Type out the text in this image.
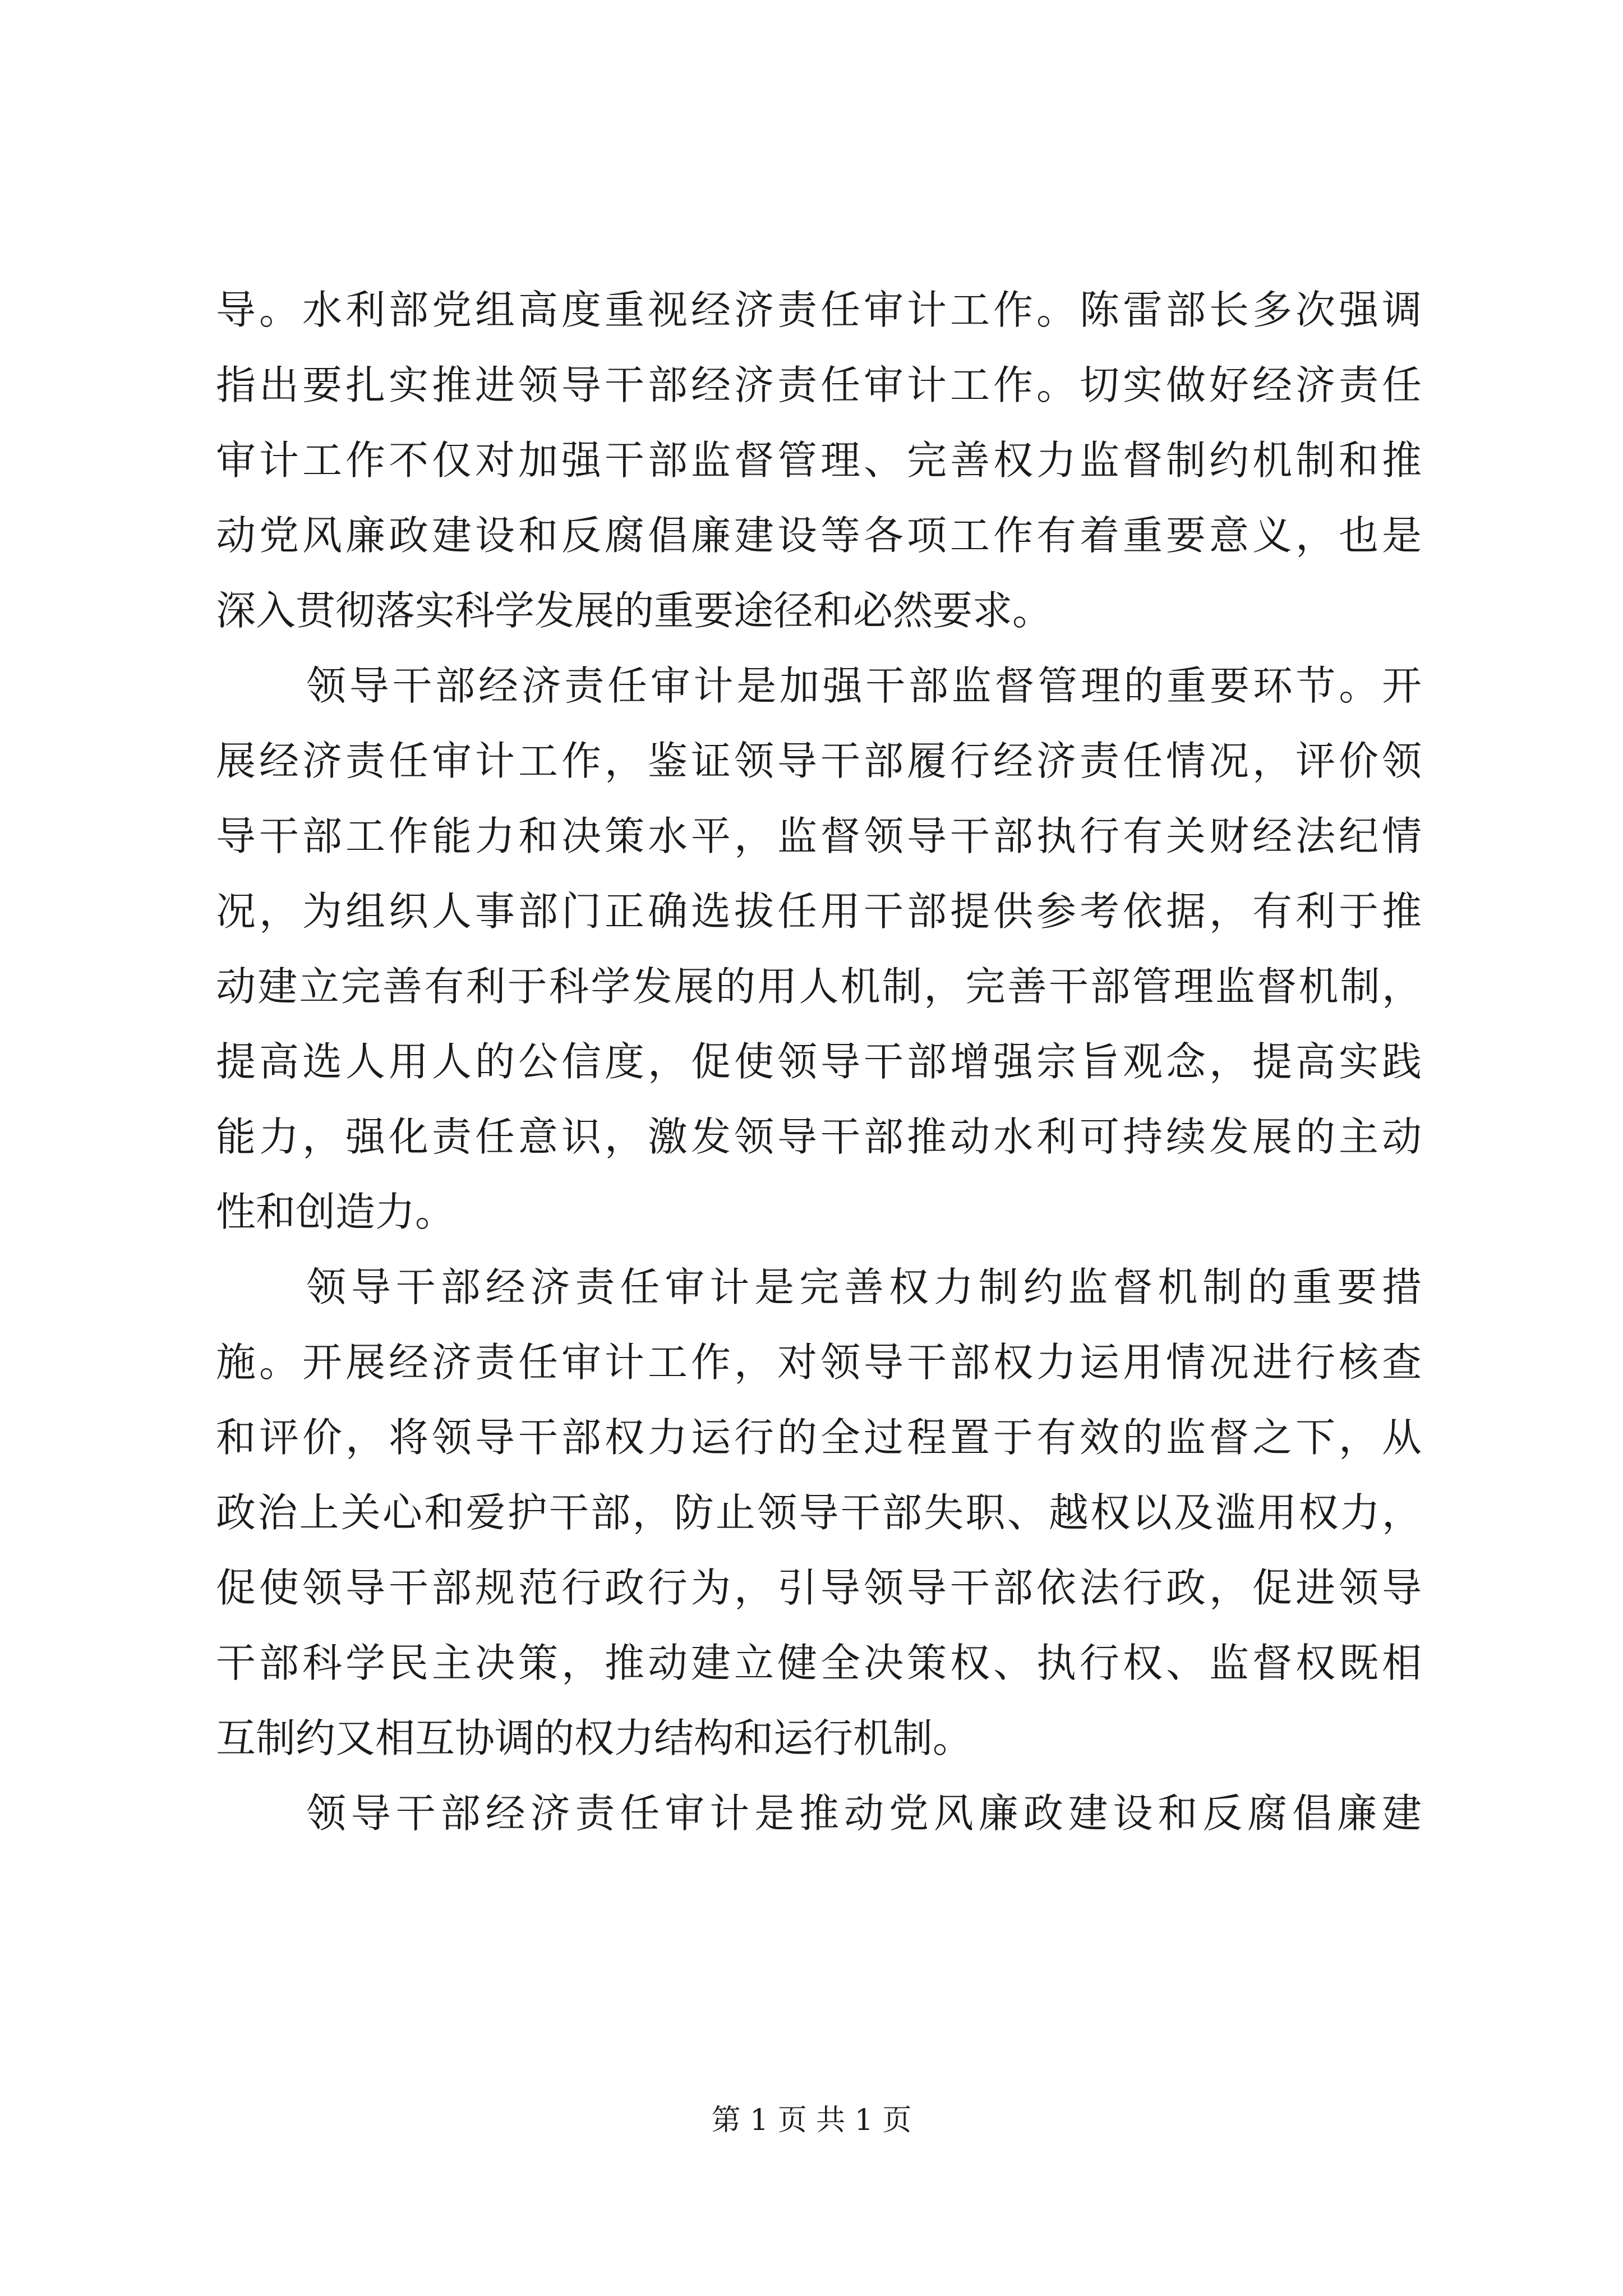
导。水利部党组高度重视经济责任审计工作。陈雷部长多次强调
指出要扎实推进领导干部经济责任审计工作。切实做好经济责任
审计工作不仅对加强干部监督管理、完善权力监督制约机制和推
动党风廉政建设和反腐倡廉建设等各项工作有着重要意义，也是
深入贯彻落实科学发展的重要途径和必然要求。
领导干部经济责任审计是加强干部监督管理的重要环节。开
展经济责任审计工作，鉴证领导干部履行经济责任情况，评价领
导干部工作能力和决策水平，监督领导干部执行有关财经法纪情
况，为组织人事部门正确选拔任用干部提供参考依据，有利于推
动建立完善有利于科学发展的用人机制，完善干部管理监督机制，
提高选人用人的公信度，促使领导干部增强宗旨观念，提高实践
能力，强化责任意识，激发领导干部推动水利可持续发展的主动
性和创造力。
领导干部经济责任审计是完善权力制约监督机制的重要措
施。开展经济责任审计工作，对领导干部权力运用情况进行核查
和评价，将领导干部权力运行的全过程置于有效的监督之下，从
政治上关心和爱护干部，防止领导干部失职、越权以及滥用权力，
促使领导干部规范行政行为，引导领导干部依法行政，促进领导
干部科学民主决策，推动建立健全决策权、执行权、监督权既相
互制约又相互协调的权力结构和运行机制。
领导干部经济责任审计是推动党风廉政建设和反腐倡廉建
第 1 页 共 1 页
